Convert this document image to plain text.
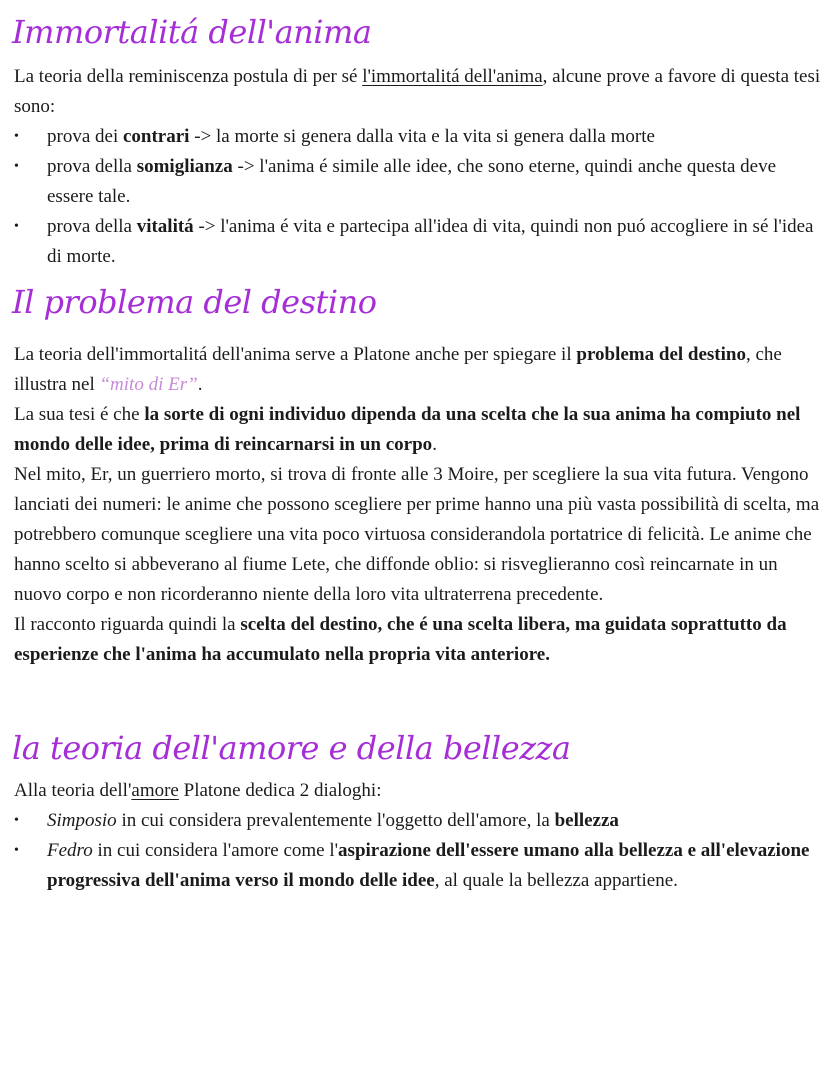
Immortalitá dell'anima

La teoria della reminiscenza postula di per sé l'immortalitá dell'anima, alcune prove a favore di questa tesi sono:

• prova dei contrari -> la morte si genera dalla vita e la vita si genera dalla morte
• prova della somiglianza -> l'anima é simile alle idee, che sono eterne, quindi anche questa deve essere tale.
• prova della vitalitá -> l'anima é vita e partecipa all'idea di vita, quindi non puó accogliere in sé l'idea di morte.
Il problema del destino

La teoria dell'immortalitá dell'anima serve a Platone anche per spiegare il problema del destino, che illustra nel “mito di Er”.

La sua tesi é che la sorte di ogni individuo dipenda da una scelta che la sua anima ha compiuto nel mondo delle idee, prima di reincarnarsi in un corpo.

Nel mito, Er, un guerriero morto, si trova di fronte alle 3 Moire, per scegliere la sua vita futura. Vengono lanciati dei numeri: le anime che possono scegliere per prime hanno una più vasta possibilità di scelta, ma potrebbero comunque scegliere una vita poco virtuosa considerandola portatrice di felicità. Le anime che hanno scelto si abbeverano al fiume Lete, che diffonde oblio: si risveglieranno così reincarnate in un nuovo corpo e non ricorderanno niente della loro vita ultraterrena precedente.

Il racconto riguarda quindi la scelta del destino, che é una scelta libera, ma guidata soprattutto da esperienze che l'anima ha accumulato nella propria vita anteriore.

la teoria dell'amore e della bellezza

Alla teoria dell'amore Platone dedica 2 dialoghi:

• Simposio in cui considera prevalentemente l'oggetto dell'amore, la bellezza
• Fedro in cui considera l'amore come l'aspirazione dell'essere umano alla bellezza e all'elevazione progressiva dell'anima verso il mondo delle idee, al quale la bellezza appartiene.
